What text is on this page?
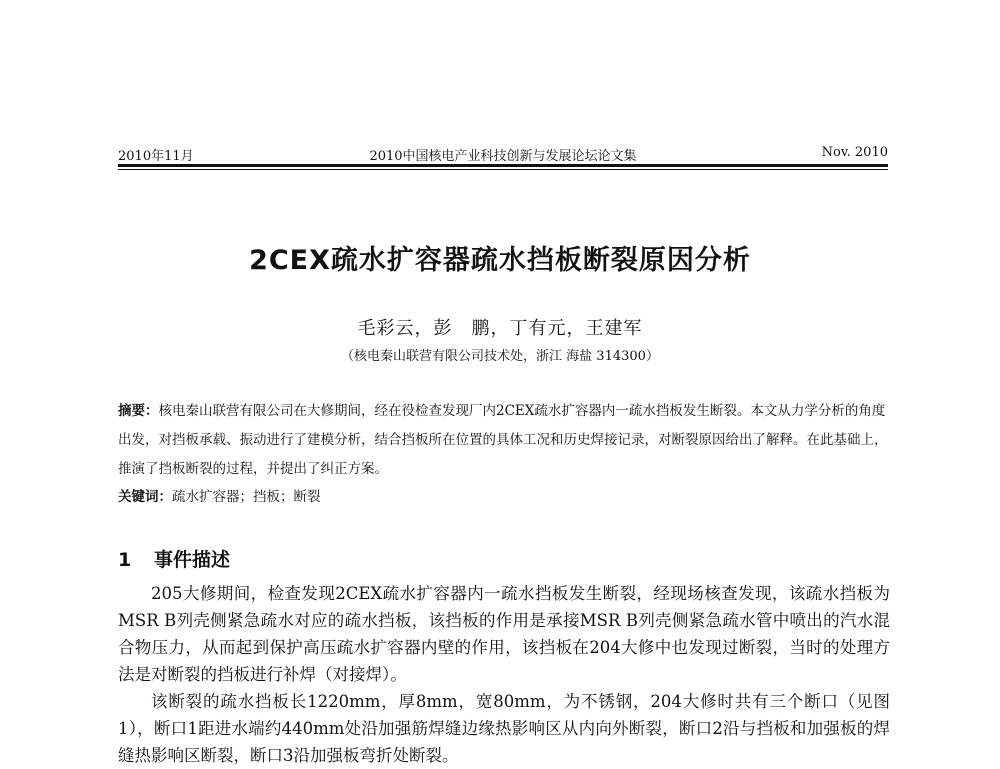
2010年11月	2010中国核电产业科技创新与发展论坛论文集	Nov. 2010
2CEX疏水扩容器疏水挡板断裂原因分析
毛彩云，彭　鹏，丁有元，王建军
（核电秦山联营有限公司技术处，浙江 海盐 314300）

摘要：核电秦山联营有限公司在大修期间，经在役检查发现厂内2CEX疏水扩容器内一疏水挡板发生断裂。本文从力学分析的角度出发，对挡板承载、振动进行了建模分析，结合挡板所在位置的具体工况和历史焊接记录，对断裂原因给出了解释。在此基础上，推演了挡板断裂的过程，并提出了纠正方案。

关键词：疏水扩容器；挡板；断裂
1 事件描述

205大修期间，检查发现2CEX疏水扩容器内一疏水挡板发生断裂，经现场核查发现，该疏水挡板为MSR B列壳侧紧急疏水对应的疏水挡板，该挡板的作用是承接MSR B列壳侧紧急疏水管中喷出的汽水混合物压力，从而起到保护高压疏水扩容器内壁的作用，该挡板在204大修中也发现过断裂，当时的处理方法是对断裂的挡板进行补焊（对接焊）。

该断裂的疏水挡板长1220mm，厚8mm，宽80mm，为不锈钢，204大修时共有三个断口（见图1），断口1距进水端约440mm处沿加强筋焊缝边缘热影响区从内向外断裂，断口2沿与挡板和加强板的焊缝热影响区断裂，断口3沿加强板弯折处断裂。
